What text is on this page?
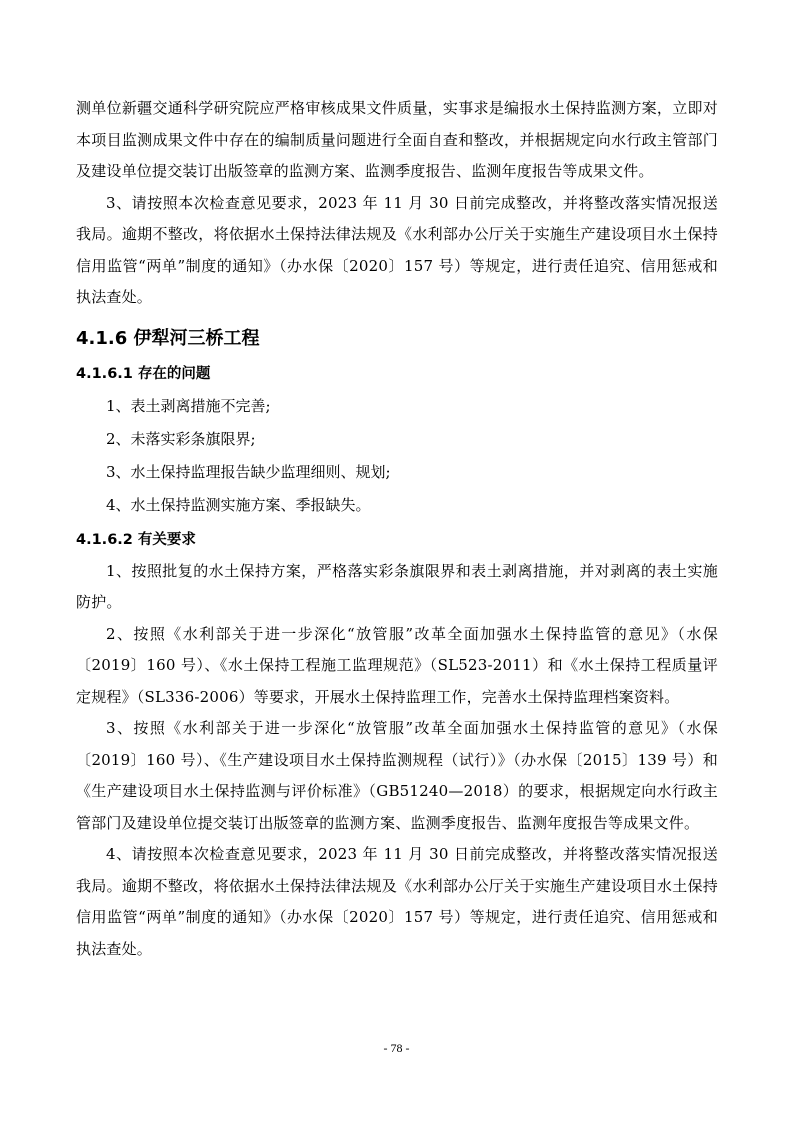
测单位新疆交通科学研究院应严格审核成果文件质量，实事求是编报水土保持监测方案，立即对本项目监测成果文件中存在的编制质量问题进行全面自查和整改，并根据规定向水行政主管部门及建设单位提交装订出版签章的监测方案、监测季度报告、监测年度报告等成果文件。

3、请按照本次检查意见要求，2023 年 11 月 30 日前完成整改，并将整改落实情况报送我局。逾期不整改，将依据水土保持法律法规及《水利部办公厅关于实施生产建设项目水土保持信用监管“两单”制度的通知》（办水保〔2020〕157 号）等规定，进行责任追究、信用惩戒和执法查处。

4.1.6 伊犁河三桥工程
4.1.6.1 存在的问题

1、表土剥离措施不完善;

2、未落实彩条旗限界;

3、水土保持监理报告缺少监理细则、规划;

4、水土保持监测实施方案、季报缺失。

4.1.6.2 有关要求

1、按照批复的水土保持方案，严格落实彩条旗限界和表土剥离措施，并对剥离的表土实施防护。

2、按照《水利部关于进一步深化“放管服”改革全面加强水土保持监管的意见》（水保〔2019〕160 号）、《水土保持工程施工监理规范》（SL523-2011）和《水土保持工程质量评定规程》（SL336-2006）等要求，开展水土保持监理工作，完善水土保持监理档案资料。

3、按照《水利部关于进一步深化“放管服”改革全面加强水土保持监管的意见》（水保〔2019〕160 号）、《生产建设项目水土保持监测规程（试行）》（办水保〔2015〕139 号）和《生产建设项目水土保持监测与评价标准》（GB51240—2018）的要求，根据规定向水行政主管部门及建设单位提交装订出版签章的监测方案、监测季度报告、监测年度报告等成果文件。

4、请按照本次检查意见要求，2023 年 11 月 30 日前完成整改，并将整改落实情况报送我局。逾期不整改，将依据水土保持法律法规及《水利部办公厅关于实施生产建设项目水土保持信用监管“两单”制度的通知》（办水保〔2020〕157 号）等规定，进行责任追究、信用惩戒和执法查处。

- 78 -
